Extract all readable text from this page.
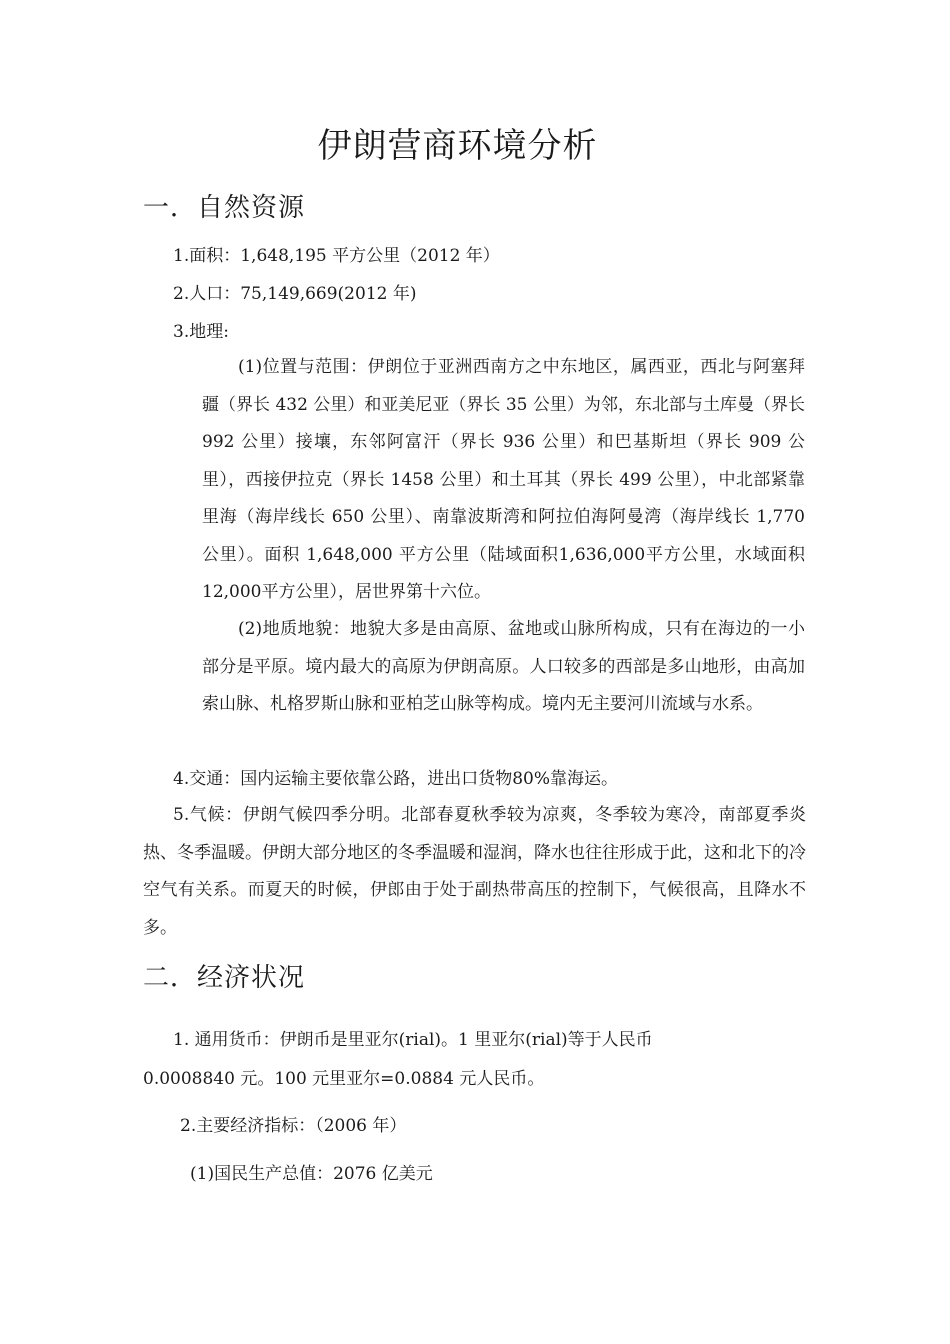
伊朗营商环境分析 
一．自然资源
1.面积：1,648,195 平方公里（2012 年）
2.人口：75,149,669(2012 年)
3.地理:
(1)位置与范围：伊朗位于亚洲西南方之中东地区，属西亚，西北与阿塞拜疆（界长 432 公里）和亚美尼亚（界长 35 公里）为邻，东北部与土库曼（界长 992 公里）接壤，东邻阿富汗（界长 936 公里）和巴基斯坦（界长 909 公里），西接伊拉克（界长 1458 公里）和土耳其（界长 499 公里），中北部紧靠里海（海岸线长 650 公里）、南靠波斯湾和阿拉伯海阿曼湾（海岸线长 1,770 公里）。面积 1,648,000 平方公里（陆域面积1,636,000平方公里，水域面积12,000平方公里），居世界第十六位。
(2)地质地貌：地貌大多是由高原、盆地或山脉所构成，只有在海边的一小部分是平原。境内最大的高原为伊朗高原。人口较多的西部是多山地形，由高加索山脉、札格罗斯山脉和亚柏芝山脉等构成。境内无主要河川流域与水系。
4.交通：国内运输主要依靠公路，进出口货物80%靠海运。
5.气候：伊朗气候四季分明。北部春夏秋季较为凉爽，冬季较为寒冷，南部夏季炎热、冬季温暖。伊朗大部分地区的冬季温暖和湿润，降水也往往形成于此，这和北下的冷空气有关系。而夏天的时候，伊郎由于处于副热带高压的控制下，气候很高，且降水不多。
二．经济状况
1. 通用货币：伊朗币是里亚尔(rial)。1 里亚尔(rial)等于人民币
0.0008840 元。100 元里亚尔=0.0884 元人民币。
2.主要经济指标：（2006 年）
(1)国民生产总值：2076 亿美元
